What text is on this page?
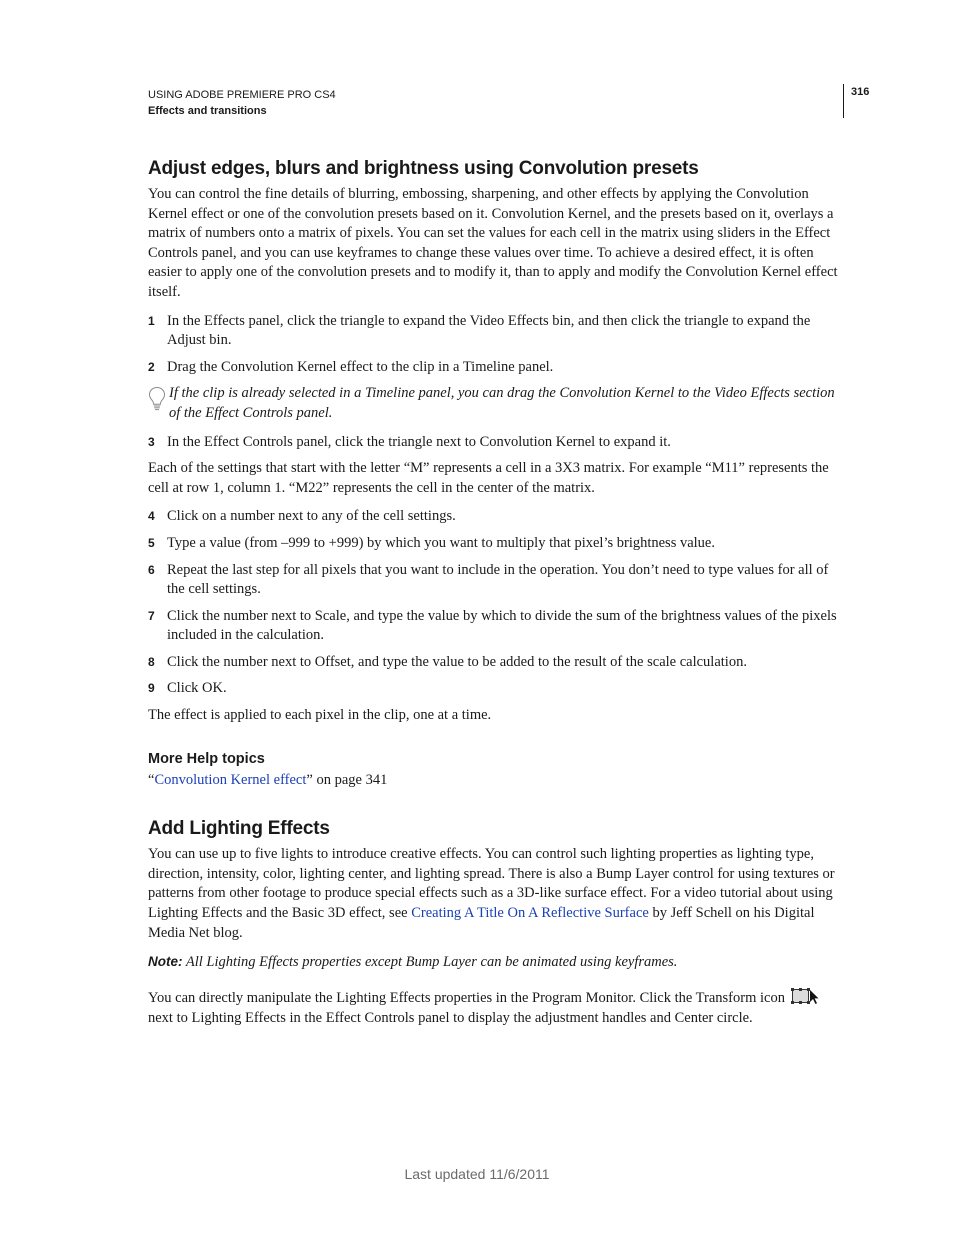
USING ADOBE PREMIERE PRO CS4
Effects and transitions
316
Adjust edges, blurs and brightness using Convolution presets

You can control the fine details of blurring, embossing, sharpening, and other effects by applying the Convolution Kernel effect or one of the convolution presets based on it. Convolution Kernel, and the presets based on it, overlays a matrix of numbers onto a matrix of pixels. You can set the values for each cell in the matrix using sliders in the Effect Controls panel, and you can use keyframes to change these values over time. To achieve a desired effect, it is often easier to apply one of the convolution presets and to modify it, than to apply and modify the Convolution Kernel effect itself.

1 In the Effects panel, click the triangle to expand the Video Effects bin, and then click the triangle to expand the Adjust bin.
2 Drag the Convolution Kernel effect to the clip in a Timeline panel.
If the clip is already selected in a Timeline panel, you can drag the Convolution Kernel to the Video Effects section of the Effect Controls panel.
3 In the Effect Controls panel, click the triangle next to Convolution Kernel to expand it.

Each of the settings that start with the letter “M” represents a cell in a 3X3 matrix. For example “M11” represents the cell at row 1, column 1. “M22” represents the cell in the center of the matrix.

4 Click on a number next to any of the cell settings.
5 Type a value (from –999 to +999) by which you want to multiply that pixel’s brightness value.
6 Repeat the last step for all pixels that you want to include in the operation. You don’t need to type values for all of the cell settings.
7 Click the number next to Scale, and type the value by which to divide the sum of the brightness values of the pixels included in the calculation.
8 Click the number next to Offset, and type the value to be added to the result of the scale calculation.
9 Click OK.

The effect is applied to each pixel in the clip, one at a time.

More Help topics

“Convolution Kernel effect” on page 341

Add Lighting Effects

You can use up to five lights to introduce creative effects. You can control such lighting properties as lighting type, direction, intensity, color, lighting center, and lighting spread. There is also a Bump Layer control for using textures or patterns from other footage to produce special effects such as a 3D-like surface effect. For a video tutorial about using Lighting Effects and the Basic 3D effect, see Creating A Title On A Reflective Surface by Jeff Schell on his Digital Media Net blog.

Note: All Lighting Effects properties except Bump Layer can be animated using keyframes.

You can directly manipulate the Lighting Effects properties in the Program Monitor. Click the Transform icon  next to Lighting Effects in the Effect Controls panel to display the adjustment handles and Center circle.

Last updated 11/6/2011
